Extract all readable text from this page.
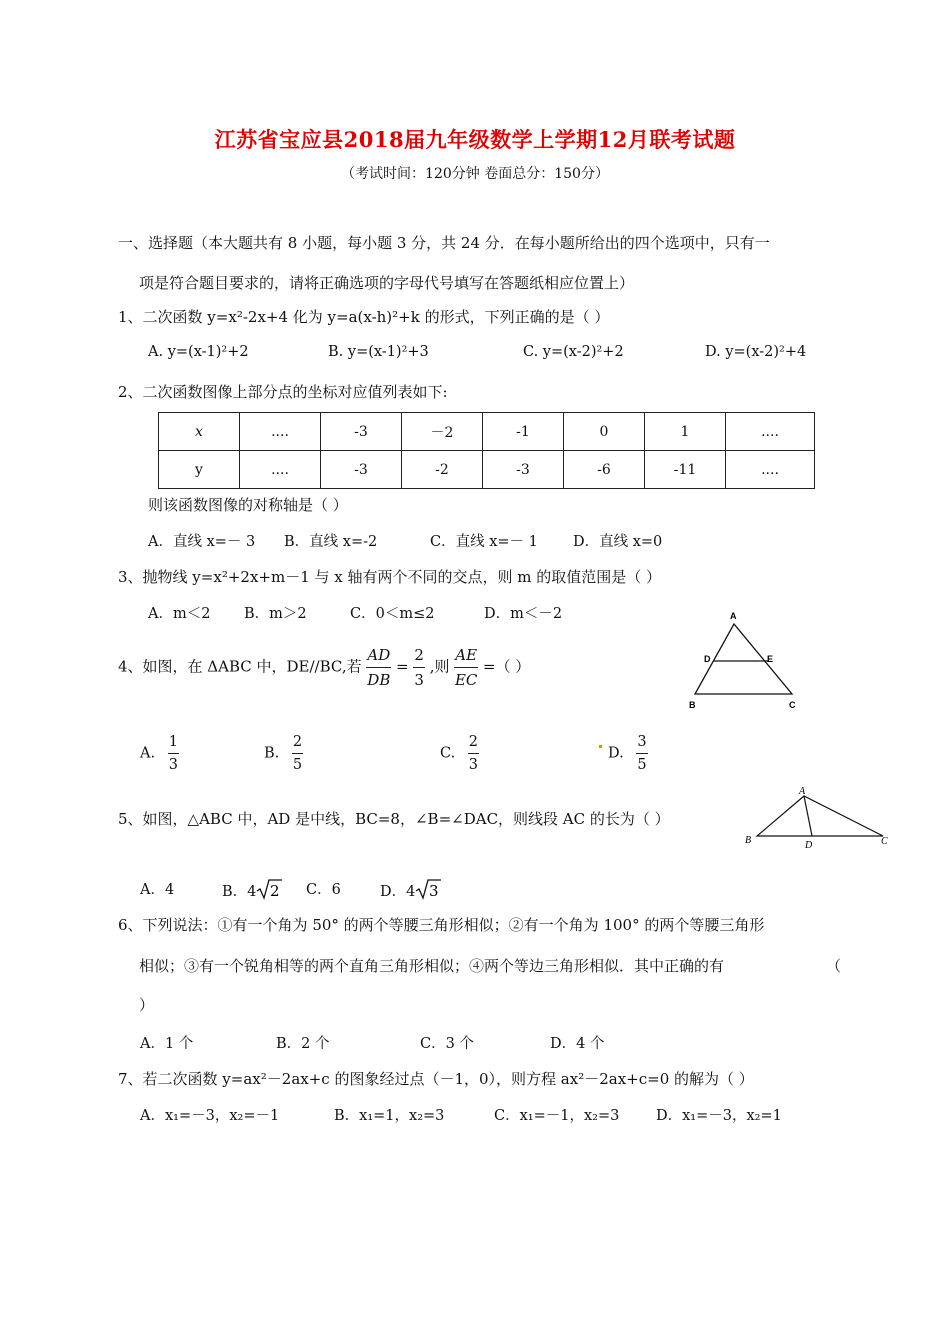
江苏省宝应县2018届九年级数学上学期12月联考试题
（考试时间：120分钟 卷面总分：150分）
一、选择题（本大题共有 8 小题，每小题 3 分，共 24 分．在每小题所给出的四个选项中，只有一
项是符合题目要求的，请将正确选项的字母代号填写在答题纸相应位置上）
1、二次函数 y=x²-2x+4 化为 y=a(x-h)²+k 的形式，下列正确的是（ ）
A. y=(x-1)²+2	B. y=(x-1)²+3	C. y=(x-2)²+2	D. y=(x-2)²+4
2、二次函数图像上部分点的坐标对应值列表如下:
x	....	-3	－2	-1	0	1	....
y	....	-3	-2	-3	-6	-11	....
则该函数图像的对称轴是（ ）
A．直线 x=－ 3 B．直线 x=-2	C．直线 x=－ 1 D．直线 x=0
3、抛物线 y=x²+2x+m－1 与 x 轴有两个不同的交点，则 m 的取值范围是（ ）
A．m＜2 B．m＞2	C．0＜m≤2	D．m＜－2
4、如图，在 ΔABC 中，DE//BC,若 $\frac{AD}{DB} = \frac{2}{3}$ ,则 $\frac{AE}{EC}$ =（ ）
A
D	E
B	C
A. $\frac{1}{3}$	B. $\frac{2}{5}$	C. $\frac{2}{3}$	D. $\frac{3}{5}$
5、如图，△ABC 中，AD 是中线，BC=8，∠B=∠DAC，则线段 AC 的长为（ ）
A
B	D	C
A．4	B．4 2 C．6	D．4 3
6、下列说法：①有一个角为 50° 的两个等腰三角形相似；②有一个角为 100° 的两个等腰三角形
相似；③有一个锐角相等的两个直角三角形相似；④两个等边三角形相似．其中正确的有	（
）
A．1 个	B．2 个	C．3 个	D．4 个
7、若二次函数 y=ax²－2ax+c 的图象经过点（－1，0），则方程 ax²－2ax+c=0 的解为（ ）
A．x₁=－3，x₂=－1	B．x₁=1，x₂=3	C．x₁=－1，x₂=3	D．x₁=－3，x₂=1
